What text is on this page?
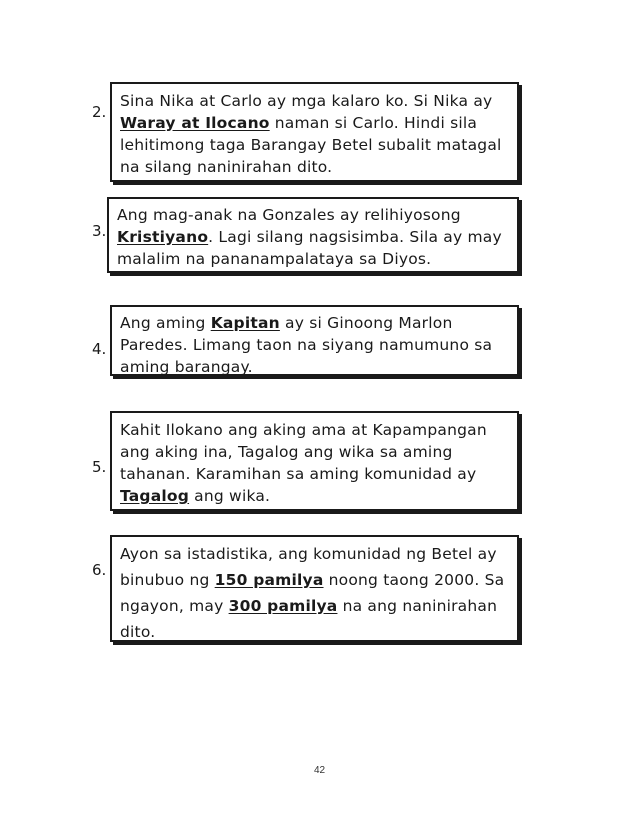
2.

Sina Nika at Carlo ay mga kalaro ko. Si Nika ay Waray at Ilocano naman si Carlo. Hindi sila lehitimong taga Barangay Betel subalit matagal na silang naninirahan dito.

3.

Ang mag-anak na Gonzales ay relihiyosong Kristiyano. Lagi silang nagsisimba. Sila ay may malalim na pananampalataya sa Diyos.

4.

Ang aming Kapitan ay si Ginoong Marlon Paredes. Limang taon na siyang namumuno sa aming barangay.

5.

Kahit Ilokano ang aking ama at Kapampangan ang aking ina, Tagalog ang wika sa aming tahanan. Karamihan sa aming komunidad ay Tagalog ang wika.

6.

Ayon sa istadistika, ang komunidad ng Betel ay binubuo ng 150 pamilya noong taong 2000. Sa ngayon, may 300 pamilya na ang naninirahan dito.

42
